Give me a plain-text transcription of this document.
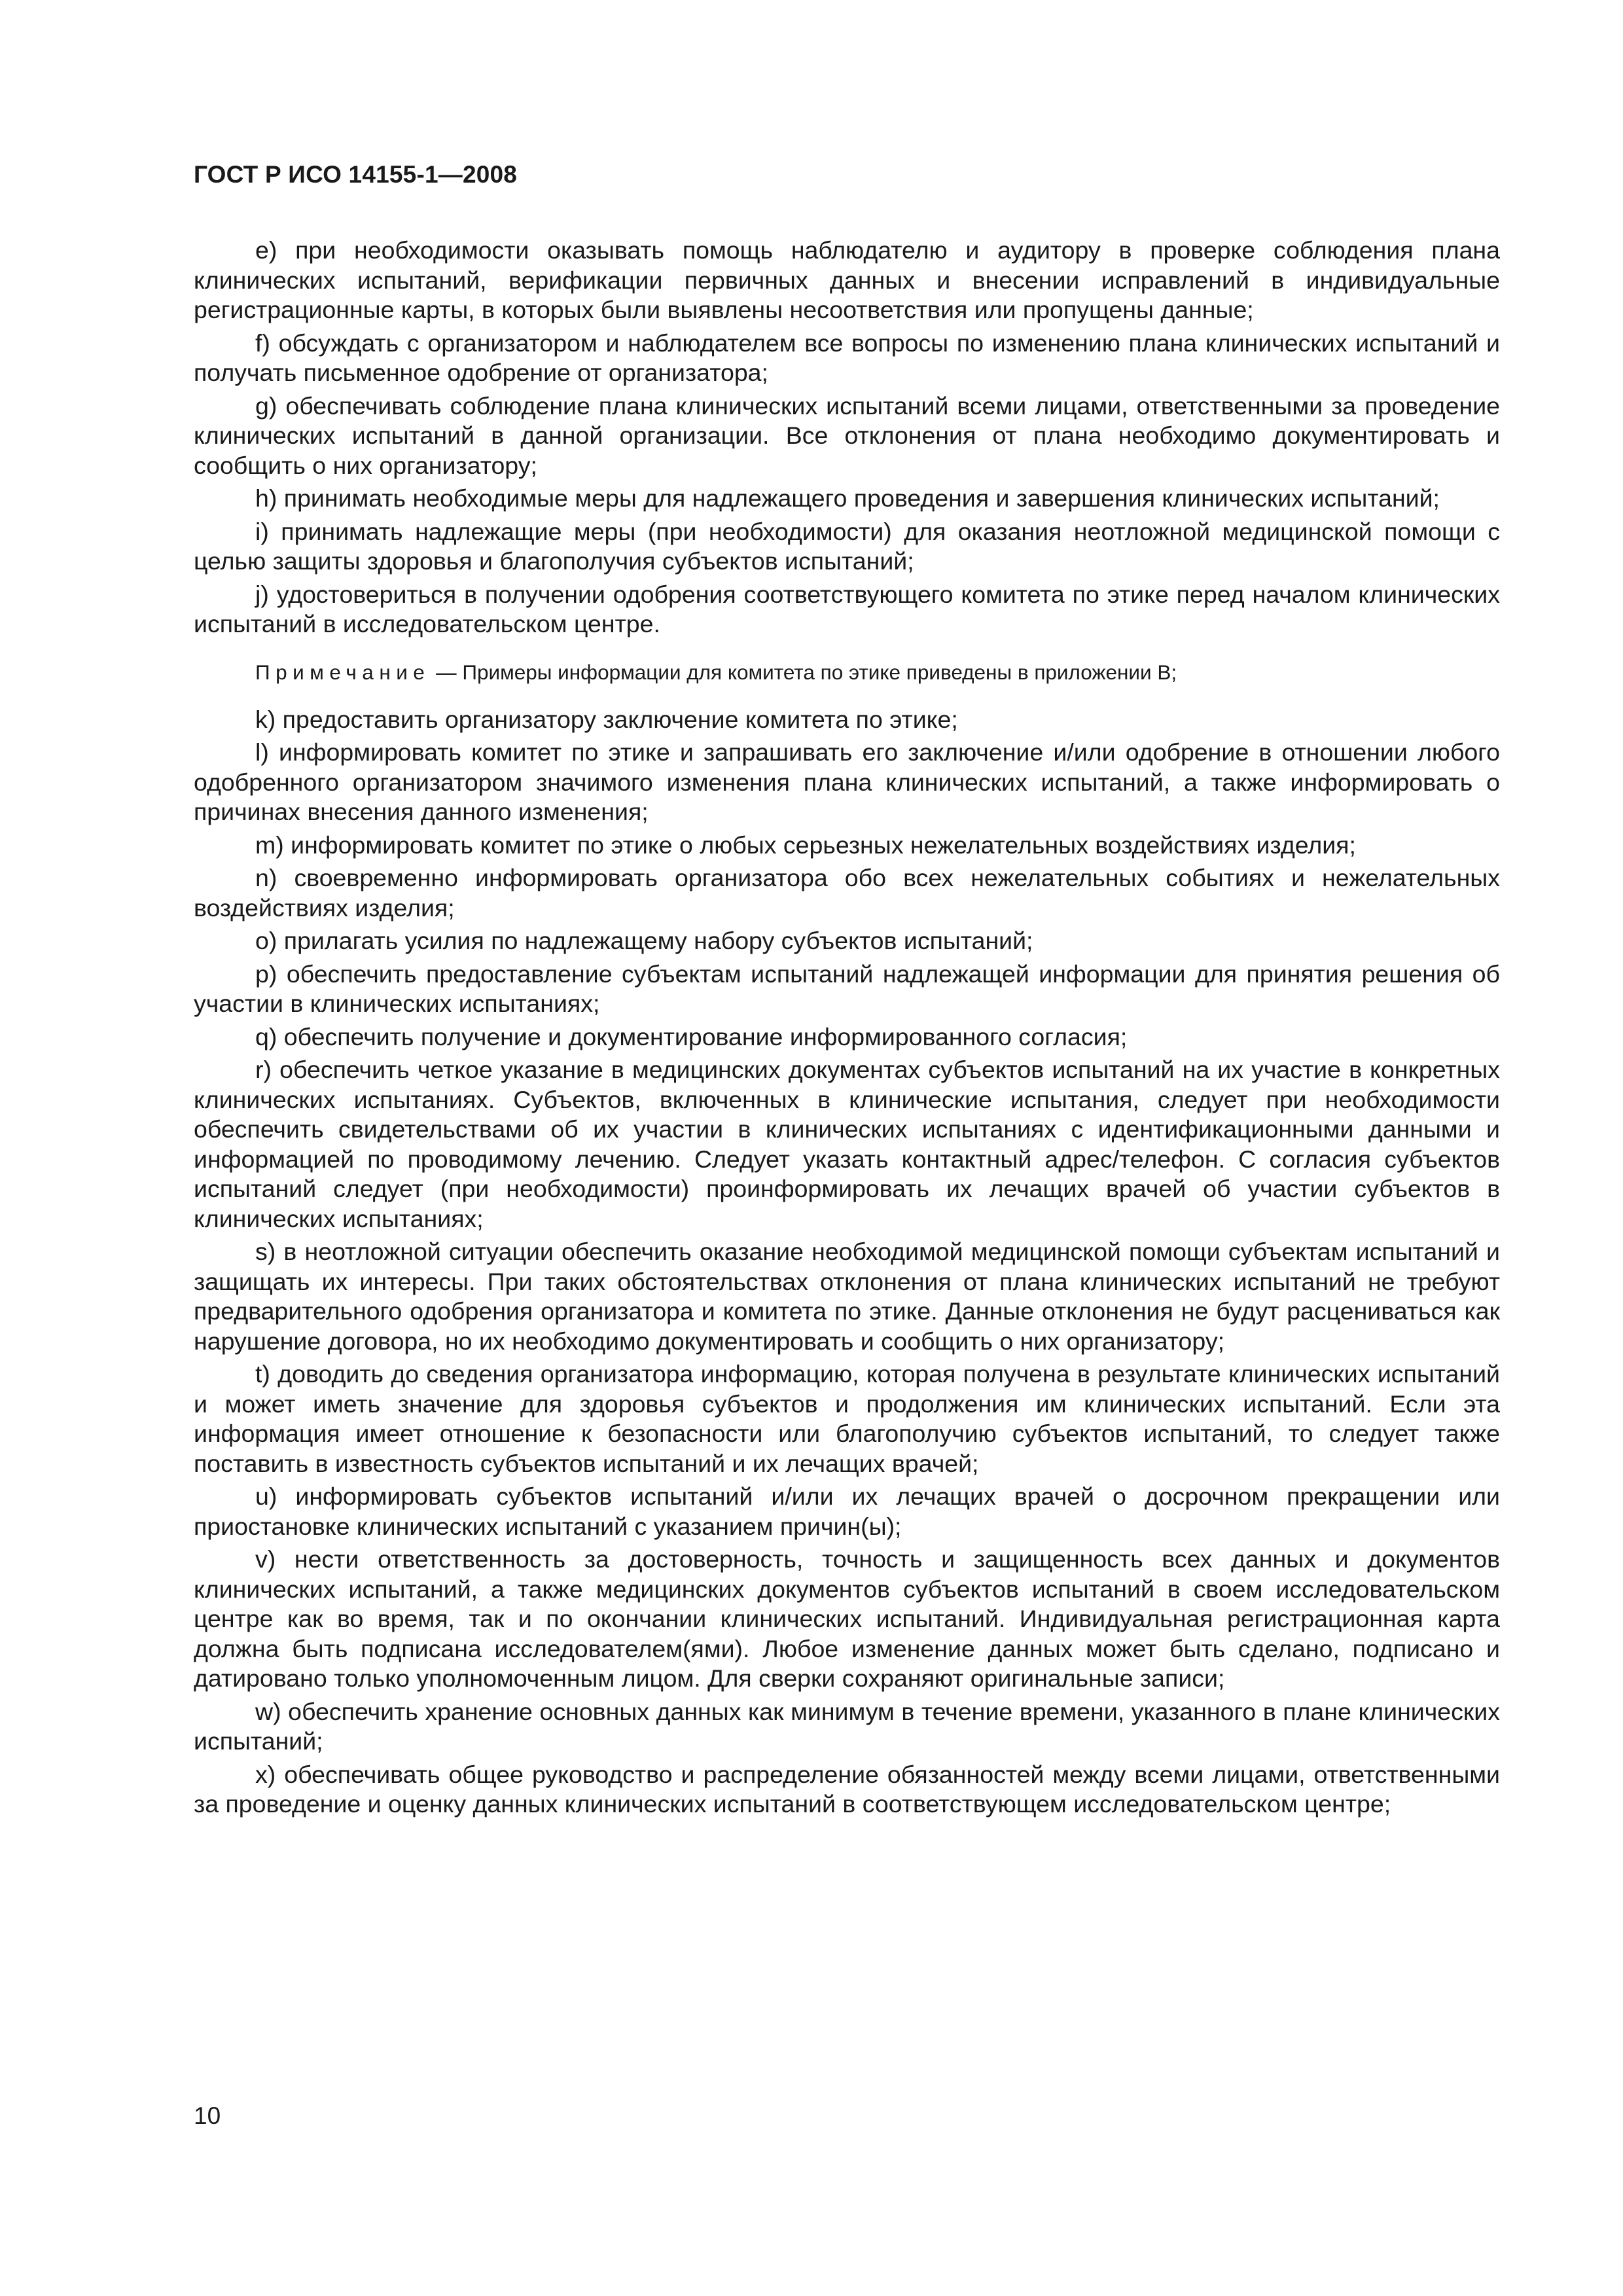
ГОСТ Р ИСО 14155-1—2008

e) при необходимости оказывать помощь наблюдателю и аудитору в проверке соблюдения плана клинических испытаний, верификации первичных данных и внесении исправлений в индивидуальные регистрационные карты, в которых были выявлены несоответствия или пропущены данные;

f) обсуждать с организатором и наблюдателем все вопросы по изменению плана клинических испытаний и получать письменное одобрение от организатора;

g) обеспечивать соблюдение плана клинических испытаний всеми лицами, ответственными за проведение клинических испытаний в данной организации. Все отклонения от плана необходимо документировать и сообщить о них организатору;

h) принимать необходимые меры для надлежащего проведения и завершения клинических испытаний;

i) принимать надлежащие меры (при необходимости) для оказания неотложной медицинской помощи с целью защиты здоровья и благополучия субъектов испытаний;

j) удостовериться в получении одобрения соответствующего комитета по этике перед началом клинических испытаний в исследовательском центре.

Примечание — Примеры информации для комитета по этике приведены в приложении В;

k) предоставить организатору заключение комитета по этике;

l) информировать комитет по этике и запрашивать его заключение и/или одобрение в отношении любого одобренного организатором значимого изменения плана клинических испытаний, а также информировать о причинах внесения данного изменения;

m) информировать комитет по этике о любых серьезных нежелательных воздействиях изделия;

n) своевременно информировать организатора обо всех нежелательных событиях и нежелательных воздействиях изделия;

o) прилагать усилия по надлежащему набору субъектов испытаний;

p) обеспечить предоставление субъектам испытаний надлежащей информации для принятия решения об участии в клинических испытаниях;

q) обеспечить получение и документирование информированного согласия;

r) обеспечить четкое указание в медицинских документах субъектов испытаний на их участие в конкретных клинических испытаниях. Субъектов, включенных в клинические испытания, следует при необходимости обеспечить свидетельствами об их участии в клинических испытаниях с идентификационными данными и информацией по проводимому лечению. Следует указать контактный адрес/телефон. С согласия субъектов испытаний следует (при необходимости) проинформировать их лечащих врачей об участии субъектов в клинических испытаниях;

s) в неотложной ситуации обеспечить оказание необходимой медицинской помощи субъектам испытаний и защищать их интересы. При таких обстоятельствах отклонения от плана клинических испытаний не требуют предварительного одобрения организатора и комитета по этике. Данные отклонения не будут расцениваться как нарушение договора, но их необходимо документировать и сообщить о них организатору;

t) доводить до сведения организатора информацию, которая получена в результате клинических испытаний и может иметь значение для здоровья субъектов и продолжения им клинических испытаний. Если эта информация имеет отношение к безопасности или благополучию субъектов испытаний, то следует также поставить в известность субъектов испытаний и их лечащих врачей;

u) информировать субъектов испытаний и/или их лечащих врачей о досрочном прекращении или приостановке клинических испытаний с указанием причин(ы);

v) нести ответственность за достоверность, точность и защищенность всех данных и документов клинических испытаний, а также медицинских документов субъектов испытаний в своем исследовательском центре как во время, так и по окончании клинических испытаний. Индивидуальная регистрационная карта должна быть подписана исследователем(ями). Любое изменение данных может быть сделано, подписано и датировано только уполномоченным лицом. Для сверки сохраняют оригинальные записи;

w) обеспечить хранение основных данных как минимум в течение времени, указанного в плане клинических испытаний;

x) обеспечивать общее руководство и распределение обязанностей между всеми лицами, ответственными за проведение и оценку данных клинических испытаний в соответствующем исследовательском центре;

10
